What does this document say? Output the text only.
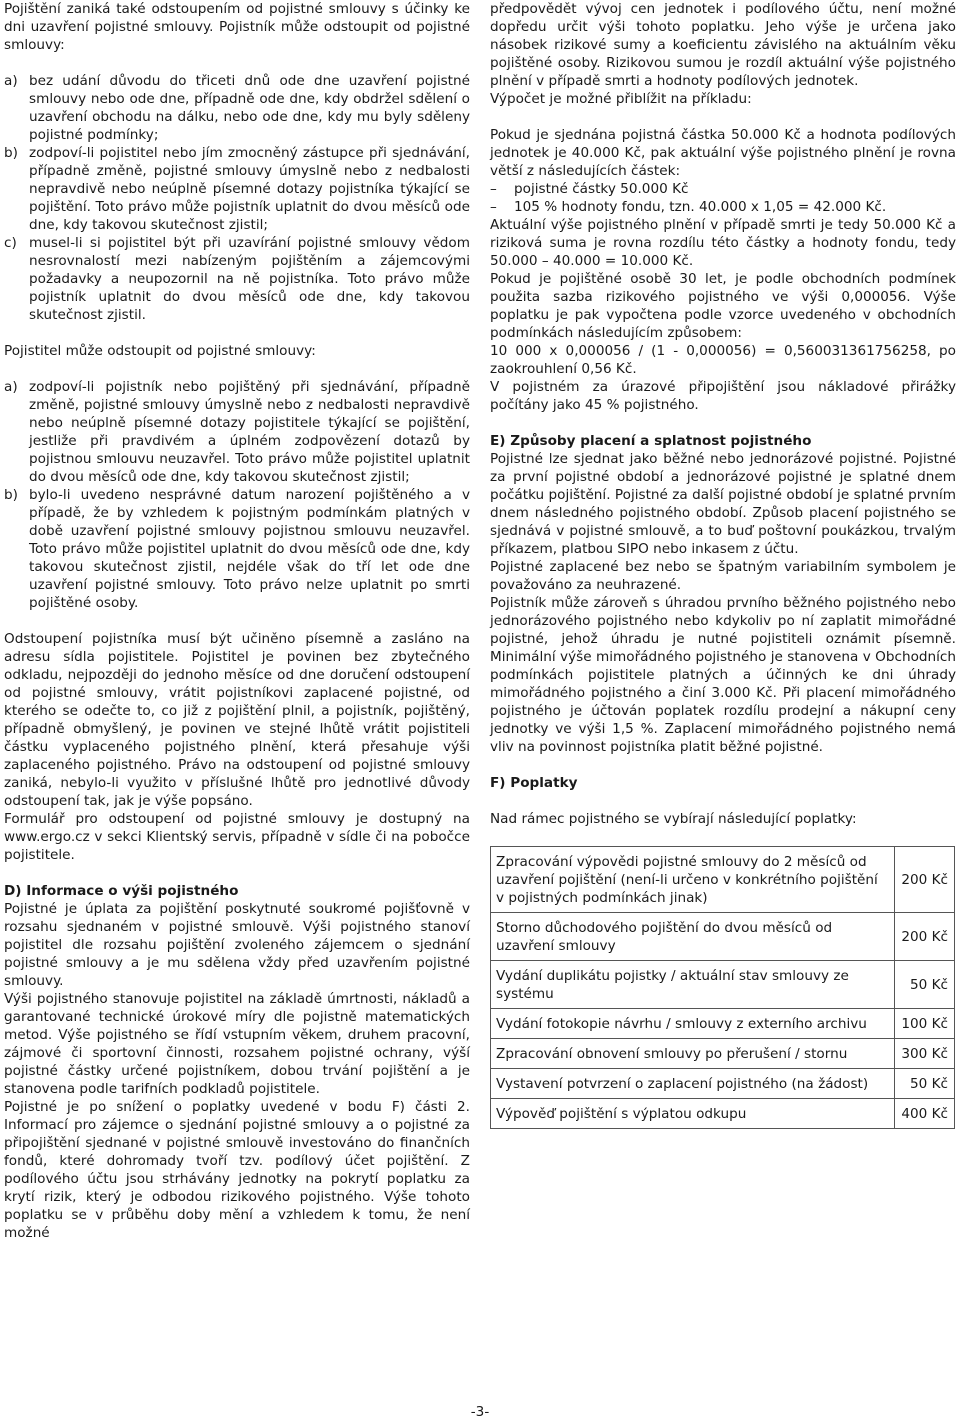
Pojištění zaniká také odstoupením od pojistné smlouvy s účinky ke dni uzavření pojistné smlouvy. Pojistník může odstoupit od pojistné smlouvy:

a) bez udání důvodu do třiceti dnů ode dne uzavření pojistné smlouvy nebo ode dne, případně ode dne, kdy obdržel sdělení o uzavření obchodu na dálku, nebo ode dne, kdy mu byly sděleny pojistné podmínky;
b) zodpoví-li pojistitel nebo jím zmocněný zástupce při sjednávání, případně změně, pojistné smlouvy úmyslně nebo z nedbalosti nepravdivě nebo neúplně písemné dotazy pojistníka týkající se pojištění. Toto právo může pojistník uplatnit do dvou měsíců ode dne, kdy takovou skutečnost zjistil;
c) musel-li si pojistitel být při uzavírání pojistné smlouvy vědom nesrovnalostí mezi nabízeným pojištěním a zájemcovými požadavky a neupozornil na ně pojistníka. Toto právo může pojistník uplatnit do dvou měsíců ode dne, kdy takovou skutečnost zjistil.

Pojistitel může odstoupit od pojistné smlouvy:

a) zodpoví-li pojistník nebo pojištěný při sjednávání, případně změně, pojistné smlouvy úmyslně nebo z nedbalosti nepravdivě nebo neúplně písemné dotazy pojistitele týkající se pojištění, jestliže při pravdivém a úplném zodpovězení dotazů by pojistnou smlouvu neuzavřel. Toto právo může pojistitel uplatnit do dvou měsíců ode dne, kdy takovou skutečnost zjistil;
b) bylo-li uvedeno nesprávné datum narození pojištěného a v případě, že by vzhledem k pojistným podmínkám platných v době uzavření pojistné smlouvy pojistnou smlouvu neuzavřel. Toto právo může pojistitel uplatnit do dvou měsíců ode dne, kdy takovou skutečnost zjistil, nejdéle však do tří let ode dne uzavření pojistné smlouvy. Toto právo nelze uplatnit po smrti pojištěné osoby.

Odstoupení pojistníka musí být učiněno písemně a zasláno na adresu sídla pojistitele. Pojistitel je povinen bez zbytečného odkladu, nejpozději do jednoho měsíce od dne doručení odstoupení od pojistné smlouvy, vrátit pojistníkovi zaplacené pojistné, od kterého se odečte to, co již z pojištění plnil, a pojistník, pojištěný, případně obmyšlený, je povinen ve stejné lhůtě vrátit pojistiteli částku vyplaceného pojistného plnění, která přesahuje výši zaplaceného pojistného. Právo na odstoupení od pojistné smlouvy zaniká, nebylo-li využito v příslušné lhůtě pro jednotlivé důvody odstoupení tak, jak je výše popsáno.

Formulář pro odstoupení od pojistné smlouvy je dostupný na www.ergo.cz v sekci Klientský servis, případně v sídle či na pobočce pojistitele.

D) Informace o výši pojistného

Pojistné je úplata za pojištění poskytnuté soukromé pojišťovně v rozsahu sjednaném v pojistné smlouvě. Výši pojistného stanoví pojistitel dle rozsahu pojištění zvoleného zájemcem o sjednání pojistné smlouvy a je mu sdělena vždy před uzavřením pojistné smlouvy.

Výši pojistného stanovuje pojistitel na základě úmrtnosti, nákladů a garantované technické úrokové míry dle pojistně matematických metod. Výše pojistného se řídí vstupním věkem, druhem pracovní, zájmové či sportovní činnosti, rozsahem pojistné ochrany, výší pojistné částky určené pojistníkem, dobou trvání pojištění a je stanovena podle tarifních podkladů pojistitele.

Pojistné je po snížení o poplatky uvedené v bodu F) části 2. Informací pro zájemce o sjednání pojistné smlouvy a o pojistné za připojištění sjednané v pojistné smlouvě investováno do finančních fondů, které dohromady tvoří tzv. podílový účet pojištění. Z podílového účtu jsou strhávány jednotky na pokrytí poplatku za krytí rizik, který je odbodou rizikového pojistného. Výše tohoto poplatku se v průběhu doby mění a vzhledem k tomu, že není možné

předpovědět vývoj cen jednotek i podílového účtu, není možné dopředu určit výši tohoto poplatku. Jeho výše je určena jako násobek rizikové sumy a koeficientu závislého na aktuálním věku pojištěné osoby. Rizikovou sumou je rozdíl aktuální výše pojistného plnění v případě smrti a hodnoty podílových jednotek.

Výpočet je možné přiblížit na příkladu:

Pokud je sjednána pojistná částka 50.000 Kč a hodnota podílových jednotek je 40.000 Kč, pak aktuální výše pojistného plnění je rovna větší z následujících částek:

–	pojistné částky 50.000 Kč
–	105 % hodnoty fondu, tzn. 40.000 x 1,05 = 42.000 Kč.

Aktuální výše pojistného plnění v případě smrti je tedy 50.000 Kč a riziková suma je rovna rozdílu této částky a hodnoty fondu, tedy 50.000 – 40.000 = 10.000 Kč.

Pokud je pojištěné osobě 30 let, je podle obchodních podmínek použita sazba rizikového pojistného ve výši 0,000056. Výše poplatku je pak vypočtena podle vzorce uvedeného v obchodních podmínkách následujícím způsobem:

10 000 x 0,000056 / (1 - 0,000056) = 0,560031361756258, po zaokrouhlení 0,56 Kč.

V pojistném za úrazové připojištění jsou nákladové přirážky počítány jako 45 % pojistného.

E) Způsoby placení a splatnost pojistného

Pojistné lze sjednat jako běžné nebo jednorázové pojistné. Pojistné za první pojistné období a jednorázové pojistné je splatné dnem počátku pojištění. Pojistné za další pojistné období je splatné prvním dnem následného pojistného období. Způsob placení pojistného se sjednává v pojistné smlouvě, a to buď poštovní poukázkou, trvalým příkazem, platbou SIPO nebo inkasem z účtu.

Pojistné zaplacené bez nebo se špatným variabilním symbolem je považováno za neuhrazené.

Pojistník může zároveň s úhradou prvního běžného pojistného nebo jednorázového pojistného nebo kdykoliv po ní zaplatit mimořádné pojistné, jehož úhradu je nutné pojistiteli oznámit písemně. Minimální výše mimořádného pojistného je stanovena v Obchodních podmínkách pojistitele platných a účinných ke dni úhrady mimořádného pojistného a činí 3.000 Kč. Při placení mimořádného pojistného je účtován poplatek rozdílu prodejní a nákupní ceny jednotky ve výši 1,5 %. Zaplacení mimořádného pojistného nemá vliv na povinnost pojistníka platit běžné pojistné.

F) Poplatky

Nad rámec pojistného se vybírají následující poplatky:

Zpracování výpovědi pojistné smlouvy do 2 měsíců od uzavření pojištění (není-li určeno v konkrétního pojištění v pojistných podmínkách jinak)	200 Kč
Storno důchodového pojištění do dvou měsíců od uzavření smlouvy	200 Kč
Vydání duplikátu pojistky / aktuální stav smlouvy ze systému	50 Kč
Vydání fotokopie návrhu / smlouvy z externího archivu	100 Kč
Zpracování obnovení smlouvy po přerušení / stornu	300 Kč
Vystavení potvrzení o zaplacení pojistného (na žádost)	50 Kč
Výpověď pojištění s výplatou odkupu	400 Kč
-3-
